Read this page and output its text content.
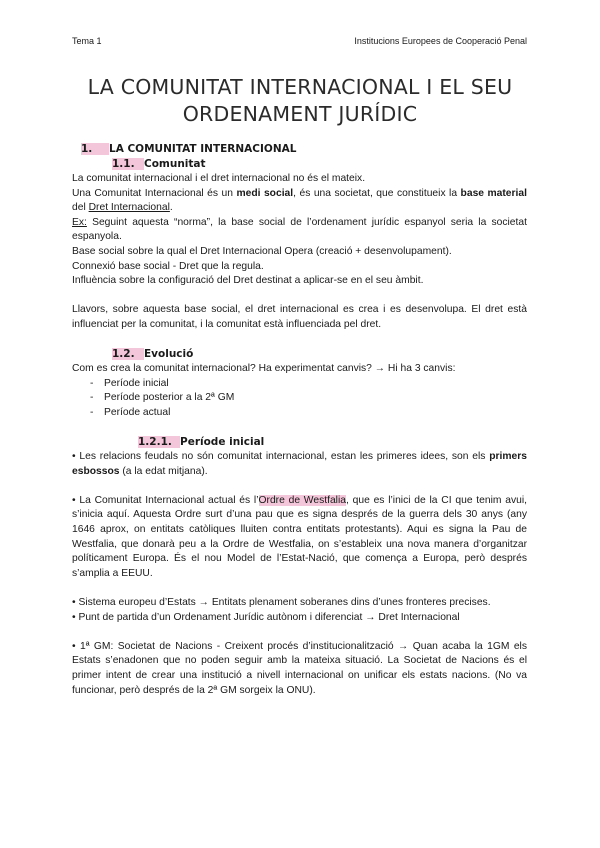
Tema 1	Institucions Europees de Cooperació Penal
LA COMUNITAT INTERNACIONAL I EL SEU
ORDENAMENT JURÍDIC
1. LA COMUNITAT INTERNACIONAL
1.1. Comunitat

La comunitat internacional i el dret internacional no és el mateix.

Una Comunitat Internacional és un medi social, és una societat, que constitueix la base material del Dret Internacional.

Ex: Seguint aquesta “norma”, la base social de l’ordenament jurídic espanyol seria la societat espanyola.

Base social sobre la qual el Dret Internacional Opera (creació + desenvolupament).

Connexió base social - Dret que la regula.

Influència sobre la configuració del Dret destinat a aplicar-se en el seu àmbit.

Llavors, sobre aquesta base social, el dret internacional es crea i es desenvolupa. El dret està influenciat per la comunitat, i la comunitat està influenciada pel dret.

1.2. Evolució

Com es crea la comunitat internacional? Ha experimentat canvis? → Hi ha 3 canvis:

- Període inicial
- Període posterior a la 2ª GM
- Període actual
1.2.1. Període inicial

• Les relacions feudals no són comunitat internacional, estan les primeres idees, son els primers esbossos (a la edat mitjana).

• La Comunitat Internacional actual és l’Ordre de Westfalia, que es l’inici de la CI que tenim avui, s’inicia aquí. Aquesta Ordre surt d’una pau que es signa després de la guerra dels 30 anys (any 1646 aprox, on entitats catòliques lluiten contra entitats protestants). Aqui es signa la Pau de Westfalia, que donarà peu a la Ordre de Westfalia, on s’estableix una nova manera d’organitzar políticament Europa. És el nou Model de l’Estat-Nació, que comença a Europa, però després s’amplia a EEUU.

• Sistema europeu d’Estats → Entitats plenament soberanes dins d’unes fronteres precises.

• Punt de partida d’un Ordenament Jurídic autònom i diferenciat → Dret Internacional

• 1ª GM: Societat de Nacions - Creixent procés d’institucionalització → Quan acaba la 1GM els Estats s’enadonen que no poden seguir amb la mateixa situació. La Societat de Nacions és el primer intent de crear una institució a nivell internacional on unificar els estats nacions. (No va funcionar, però després de la 2ª GM sorgeix la ONU).
